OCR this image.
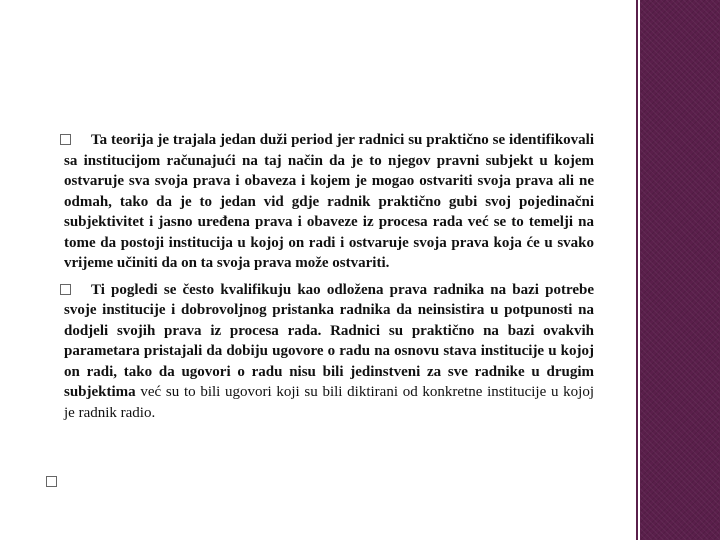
Ta teorija je trajala jedan duži period jer radnici su praktično se identifikovali sa institucijom računajući na taj način da je to njegov pravni subjekt u kojem ostvaruje sva svoja prava i obaveza i kojem je mogao ostvariti svoja prava ali ne odmah, tako da je to jedan vid gdje radnik praktično gubi svoj pojedinačni subjektivitet i jasno uređena prava i obaveze iz procesa rada već se to temelji na tome da postoji institucija u kojoj on radi i ostvaruje svoja prava koja će u svako vrijeme učiniti da on ta svoja prava može ostvariti.

Ti pogledi se često kvalifikuju kao odložena prava radnika na bazi potrebe svoje institucije i dobrovoljnog pristanka radnika da neinsistira u potpunosti na dodjeli svojih prava iz procesa rada. Radnici su praktično na bazi ovakvih parametara pristajali da dobiju ugovore o radu na osnovu stava institucije u kojoj on radi, tako da ugovori o radu nisu bili jedinstveni za sve radnike u drugim subjektima već su to bili ugovori koji su bili diktirani od konkretne institucije u kojoj je radnik radio.
